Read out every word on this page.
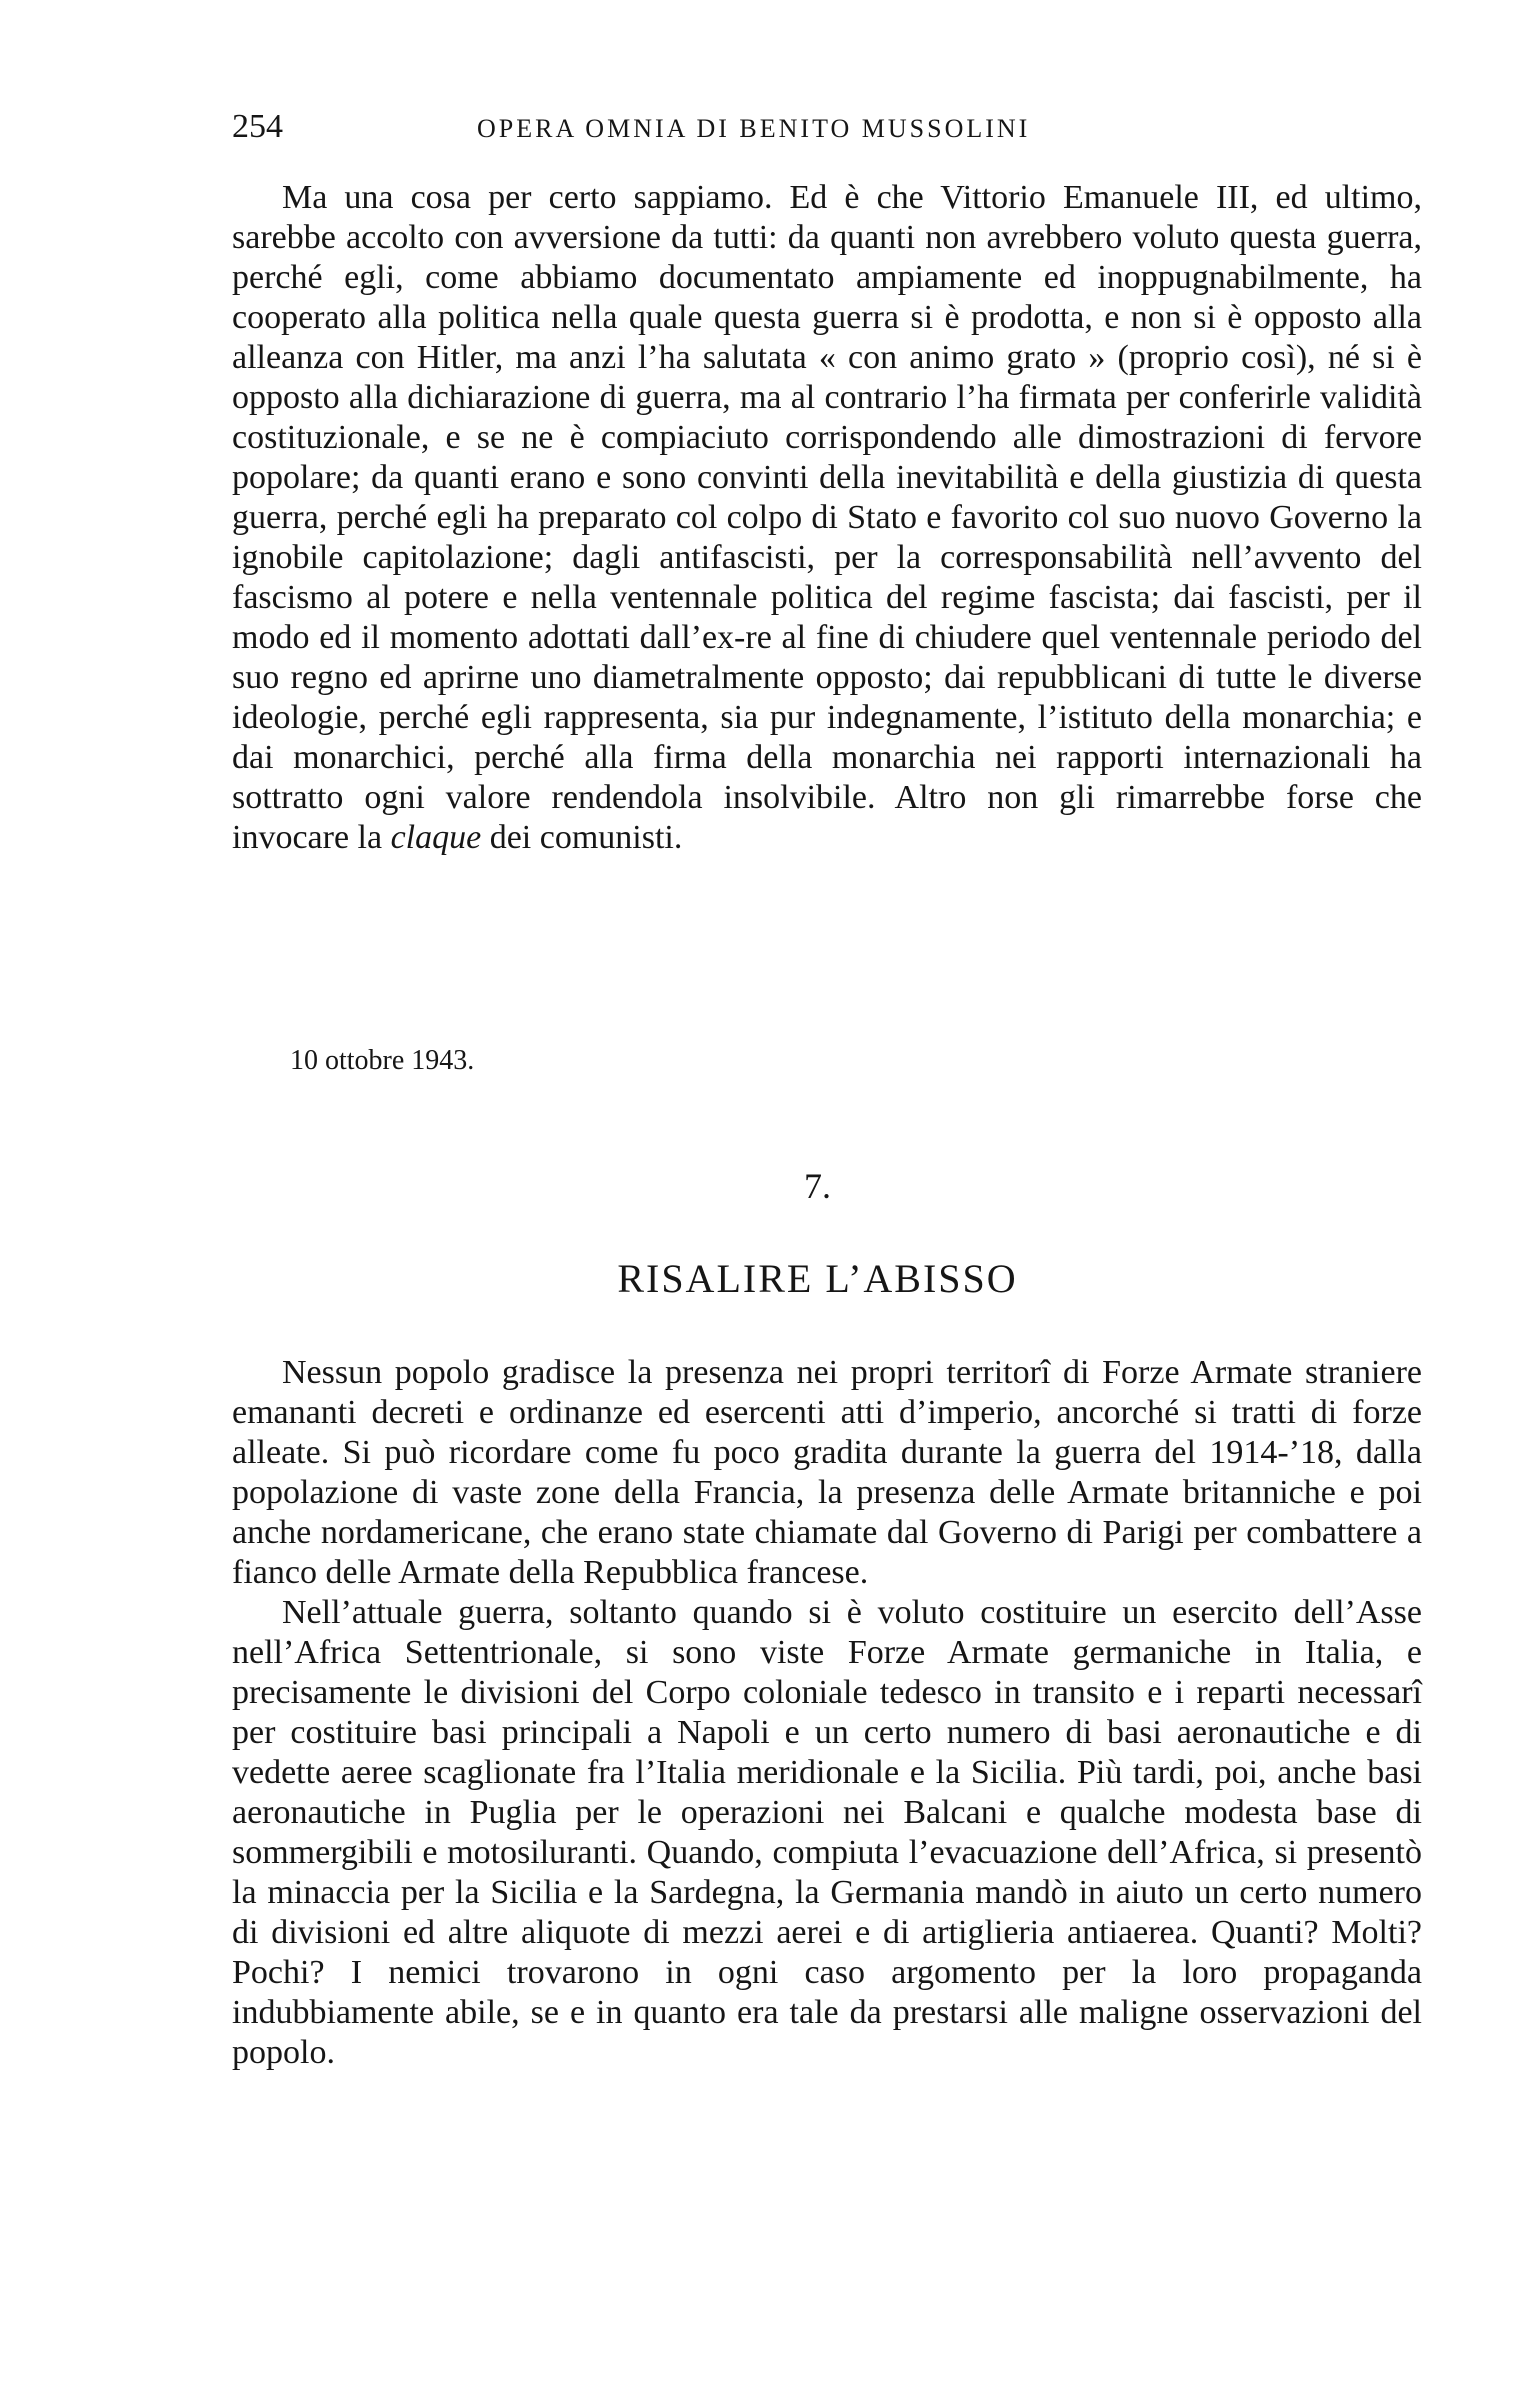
254	OPERA OMNIA DI BENITO MUSSOLINI

Ma una cosa per certo sappiamo. Ed è che Vittorio Emanuele III, ed ultimo, sarebbe accolto con avversione da tutti: da quanti non avrebbero voluto questa guerra, perché egli, come abbiamo documentato ampiamente ed inoppugnabilmente, ha cooperato alla politica nella quale questa guerra si è prodotta, e non si è opposto alla alleanza con Hitler, ma anzi l’ha salutata « con animo grato » (proprio così), né si è opposto alla dichiarazione di guerra, ma al contrario l’ha firmata per conferirle validità costituzionale, e se ne è compiaciuto corrispondendo alle dimostrazioni di fervore popolare; da quanti erano e sono convinti della inevitabilità e della giustizia di questa guerra, perché egli ha preparato col colpo di Stato e favorito col suo nuovo Governo la ignobile capitolazione; dagli antifascisti, per la corresponsabilità nell’avvento del fascismo al potere e nella ventennale politica del regime fascista; dai fascisti, per il modo ed il momento adottati dall’ex-re al fine di chiudere quel ventennale periodo del suo regno ed aprirne uno diametralmente opposto; dai repubblicani di tutte le diverse ideologie, perché egli rappresenta, sia pur indegnamente, l’istituto della monarchia; e dai monarchici, perché alla firma della monarchia nei rapporti internazionali ha sottratto ogni valore rendendola insolvibile. Altro non gli rimarrebbe forse che invocare la claque dei comunisti.

10 ottobre 1943.
7.
RISALIRE L’ABISSO

Nessun popolo gradisce la presenza nei propri territorî di Forze Armate straniere emananti decreti e ordinanze ed esercenti atti d’imperio, ancorché si tratti di forze alleate. Si può ricordare come fu poco gradita durante la guerra del 1914-’18, dalla popolazione di vaste zone della Francia, la presenza delle Armate britanniche e poi anche nordamericane, che erano state chiamate dal Governo di Parigi per combattere a fianco delle Armate della Repubblica francese.

Nell’attuale guerra, soltanto quando si è voluto costituire un esercito dell’Asse nell’Africa Settentrionale, si sono viste Forze Armate germaniche in Italia, e precisamente le divisioni del Corpo coloniale tedesco in transito e i reparti necessarî per costituire basi principali a Napoli e un certo numero di basi aeronautiche e di vedette aeree scaglionate fra l’Italia meridionale e la Sicilia. Più tardi, poi, anche basi aeronautiche in Puglia per le operazioni nei Balcani e qualche modesta base di sommergibili e motosiluranti. Quando, compiuta l’evacuazione dell’Africa, si presentò la minaccia per la Sicilia e la Sardegna, la Germania mandò in aiuto un certo numero di divisioni ed altre aliquote di mezzi aerei e di artiglieria antiaerea. Quanti? Molti? Pochi? I nemici trovarono in ogni caso argomento per la loro propaganda indubbiamente abile, se e in quanto era tale da prestarsi alle maligne osservazioni del popolo.
